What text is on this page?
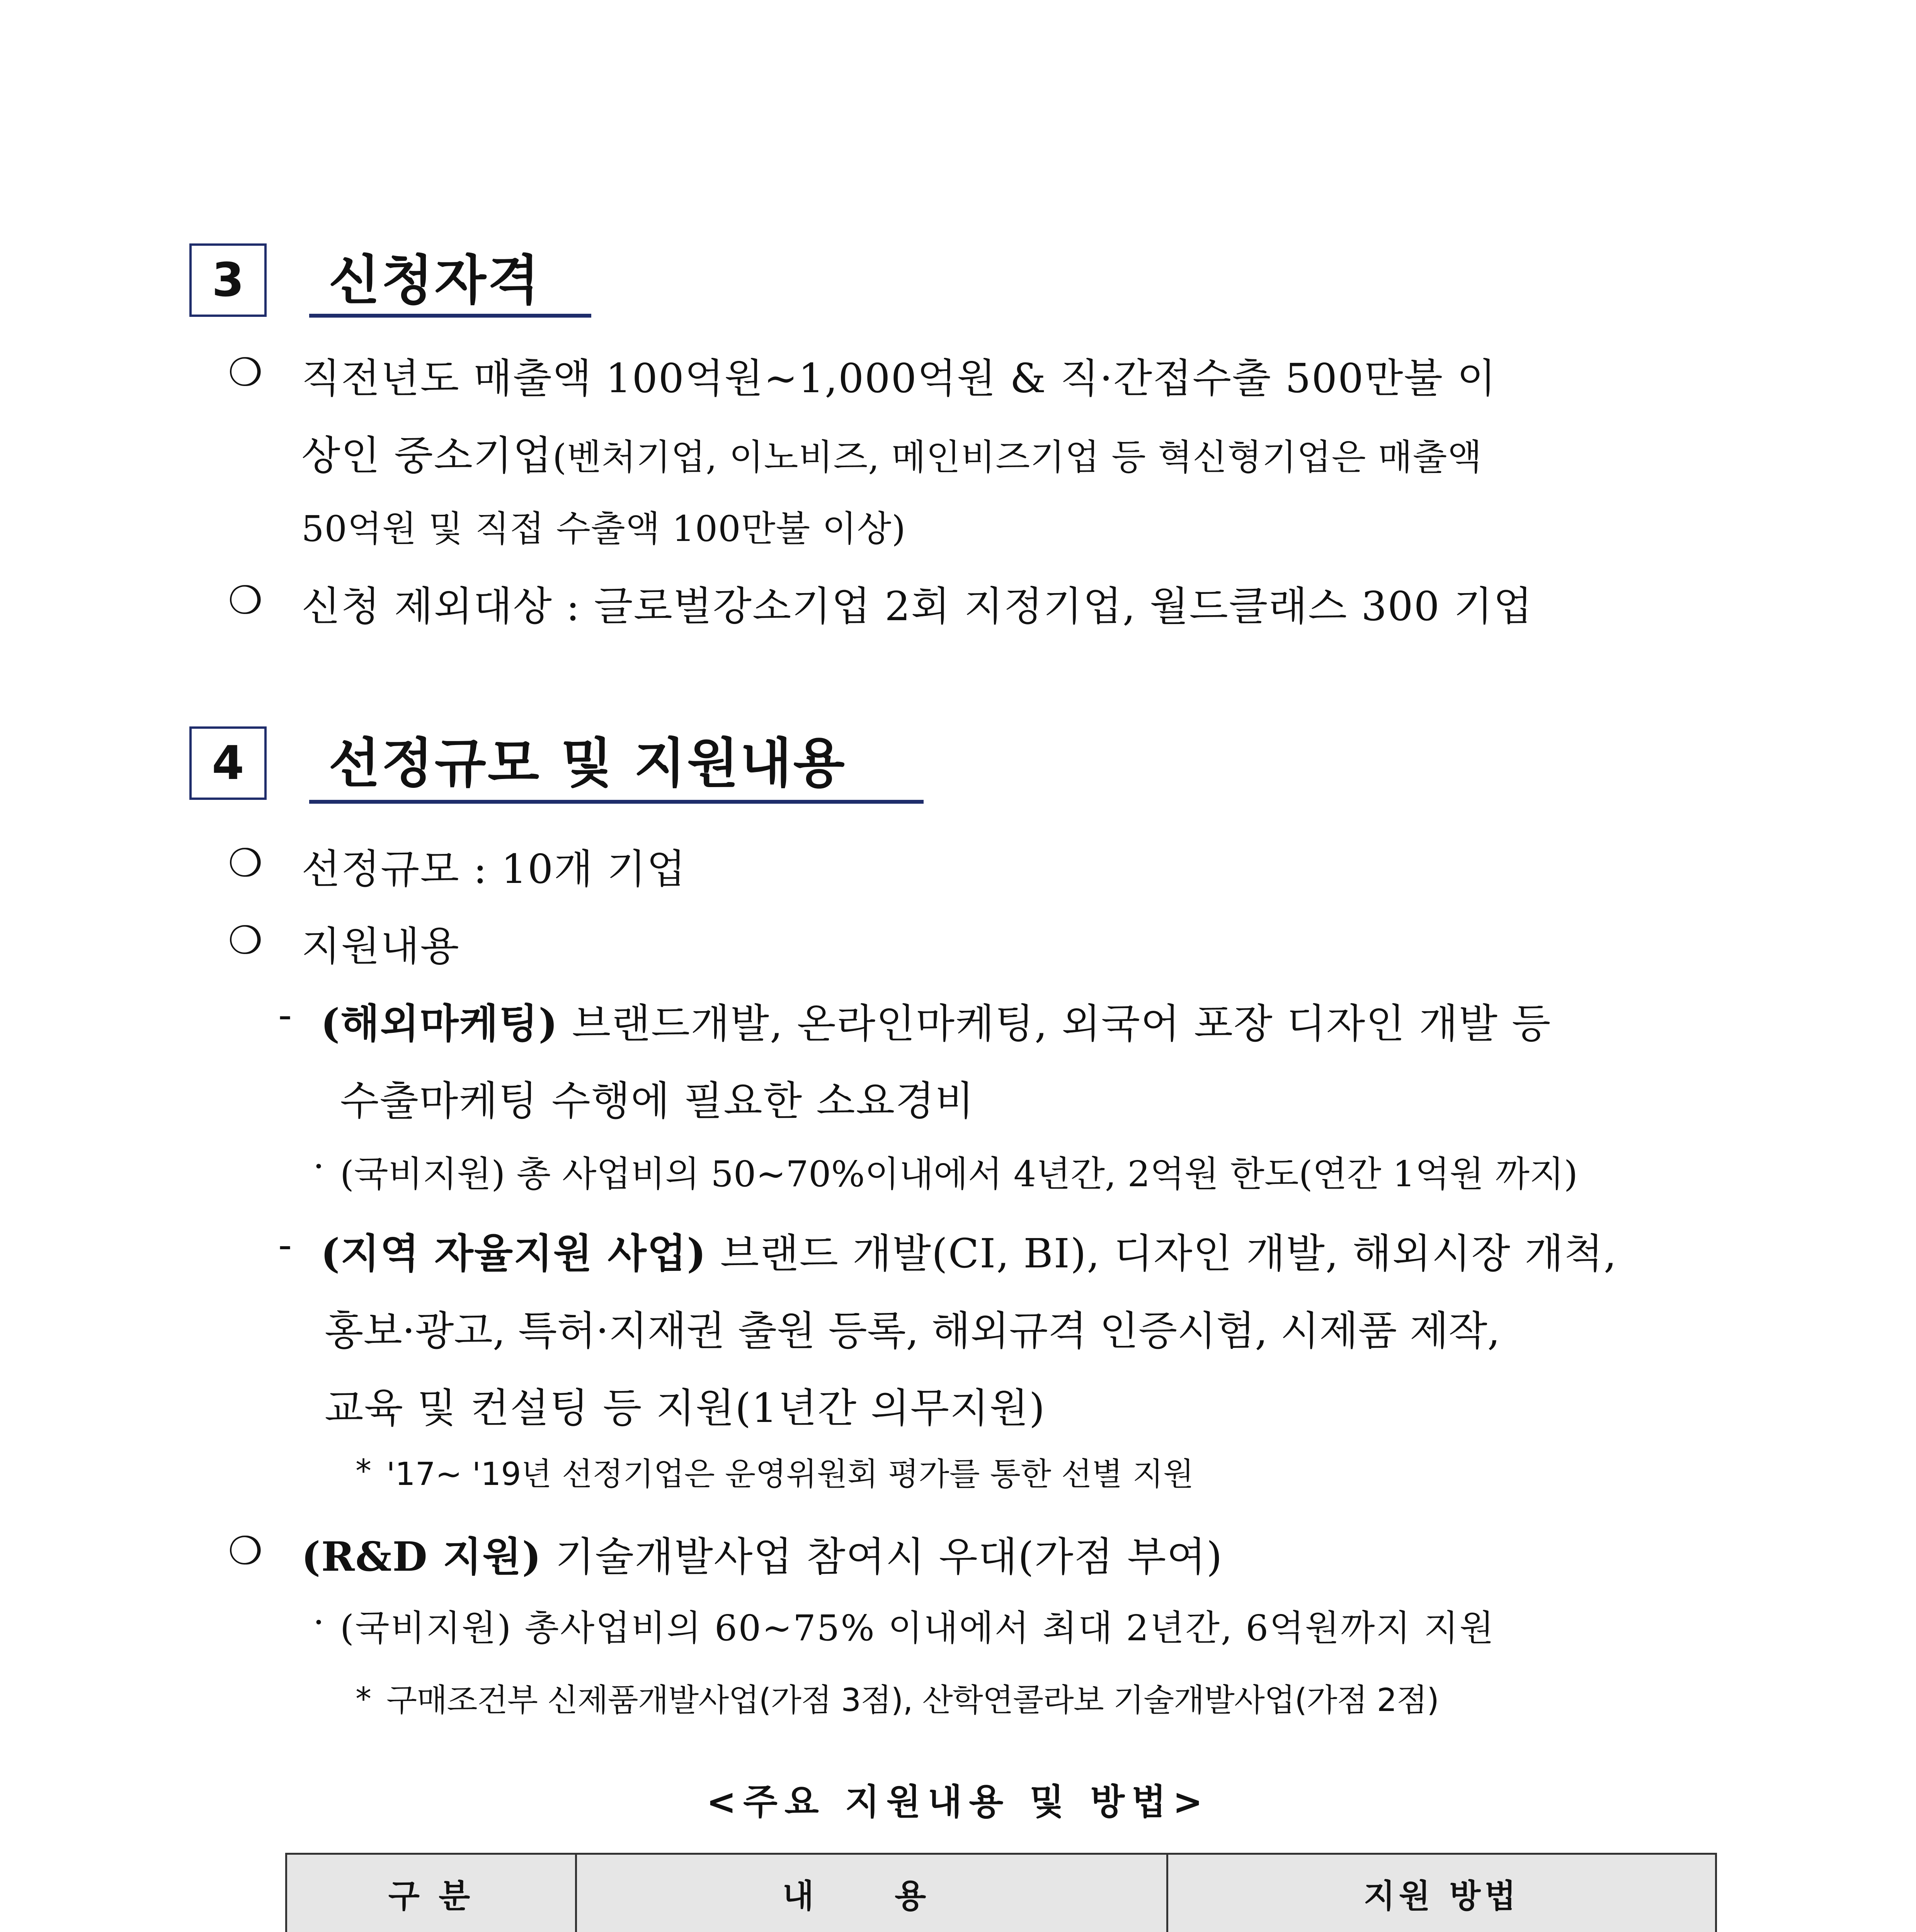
3	신청자격
❍ 직전년도 매출액 100억원∼1,000억원 & 직·간접수출 500만불 이
상인 중소기업(벤처기업, 이노비즈, 메인비즈기업 등 혁신형기업은 매출액
50억원 및 직접 수출액 100만불 이상)
❍ 신청 제외대상 : 글로벌강소기업 2회 지정기업, 월드클래스 300 기업
4	선정규모 및 지원내용
❍ 선정규모 : 10개 기업
❍ 지원내용
- (해외마케팅) 브랜드개발, 온라인마케팅, 외국어 포장 디자인 개발 등
수출마케팅 수행에 필요한 소요경비
· (국비지원) 총 사업비의 50∼70%이내에서 4년간, 2억원 한도(연간 1억원 까지)
- (지역 자율지원 사업) 브랜드 개발(CI, BI), 디자인 개발, 해외시장 개척,
홍보·광고, 특허·지재권 출원 등록, 해외규격 인증시험, 시제품 제작,
교육 및 컨설팅 등 지원(1년간 의무지원)
* '17∼ '19년 선정기업은 운영위원회 평가를 통한 선별 지원
❍ (R&D 지원) 기술개발사업 참여시 우대(가점 부여)
· (국비지원) 총사업비의 60~75% 이내에서 최대 2년간, 6억원까지 지원
* 구매조건부 신제품개발사업(가점 3점), 산학연콜라보 기술개발사업(가점 2점)
<주요 지원내용 및 방법>
구 분		내 용	지원 방법
